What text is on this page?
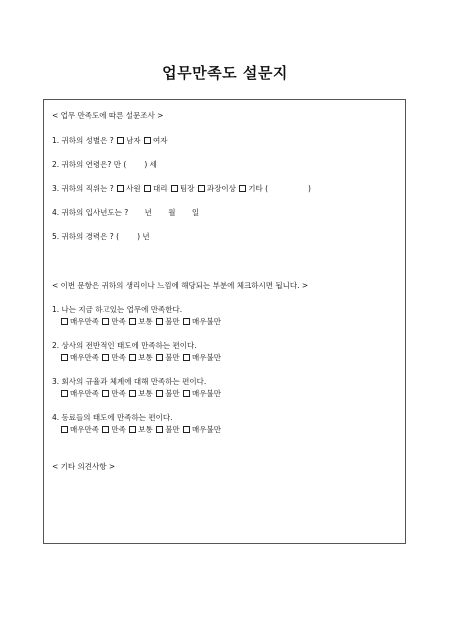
업무만족도 설문지
< 업무 만족도에 따른 설문조사 >
1. 귀하의 성별은 ? 남자 여자
2. 귀하의 연령은? 만 ( ) 세
3. 귀하의 직위는 ? 사원 대리 팀장 과장이상 기타 (	)
4. 귀하의 입사년도는 ? 년 월 일
5. 귀하의 경력은 ? ( ) 년
< 이번 문항은 귀하의 생리이나 느낌에 해당되는 부분에 체크하시면 됩니다. >
1. 나는 지금 하고있는 업무에 만족한다.
매우만족 만족 보통 불만 매우불만
2. 상사의 전반적인 태도에 만족하는 편이다.
매우만족 만족 보통 불만 매우불만
3. 회사의 규율과 체계에 대해 만족하는 편이다.
매우만족 만족 보통 불만 매우불만
4. 동료들의 태도에 만족하는 편이다.
매우만족 만족 보통 불만 매우불만
< 기타 의견사항 >
